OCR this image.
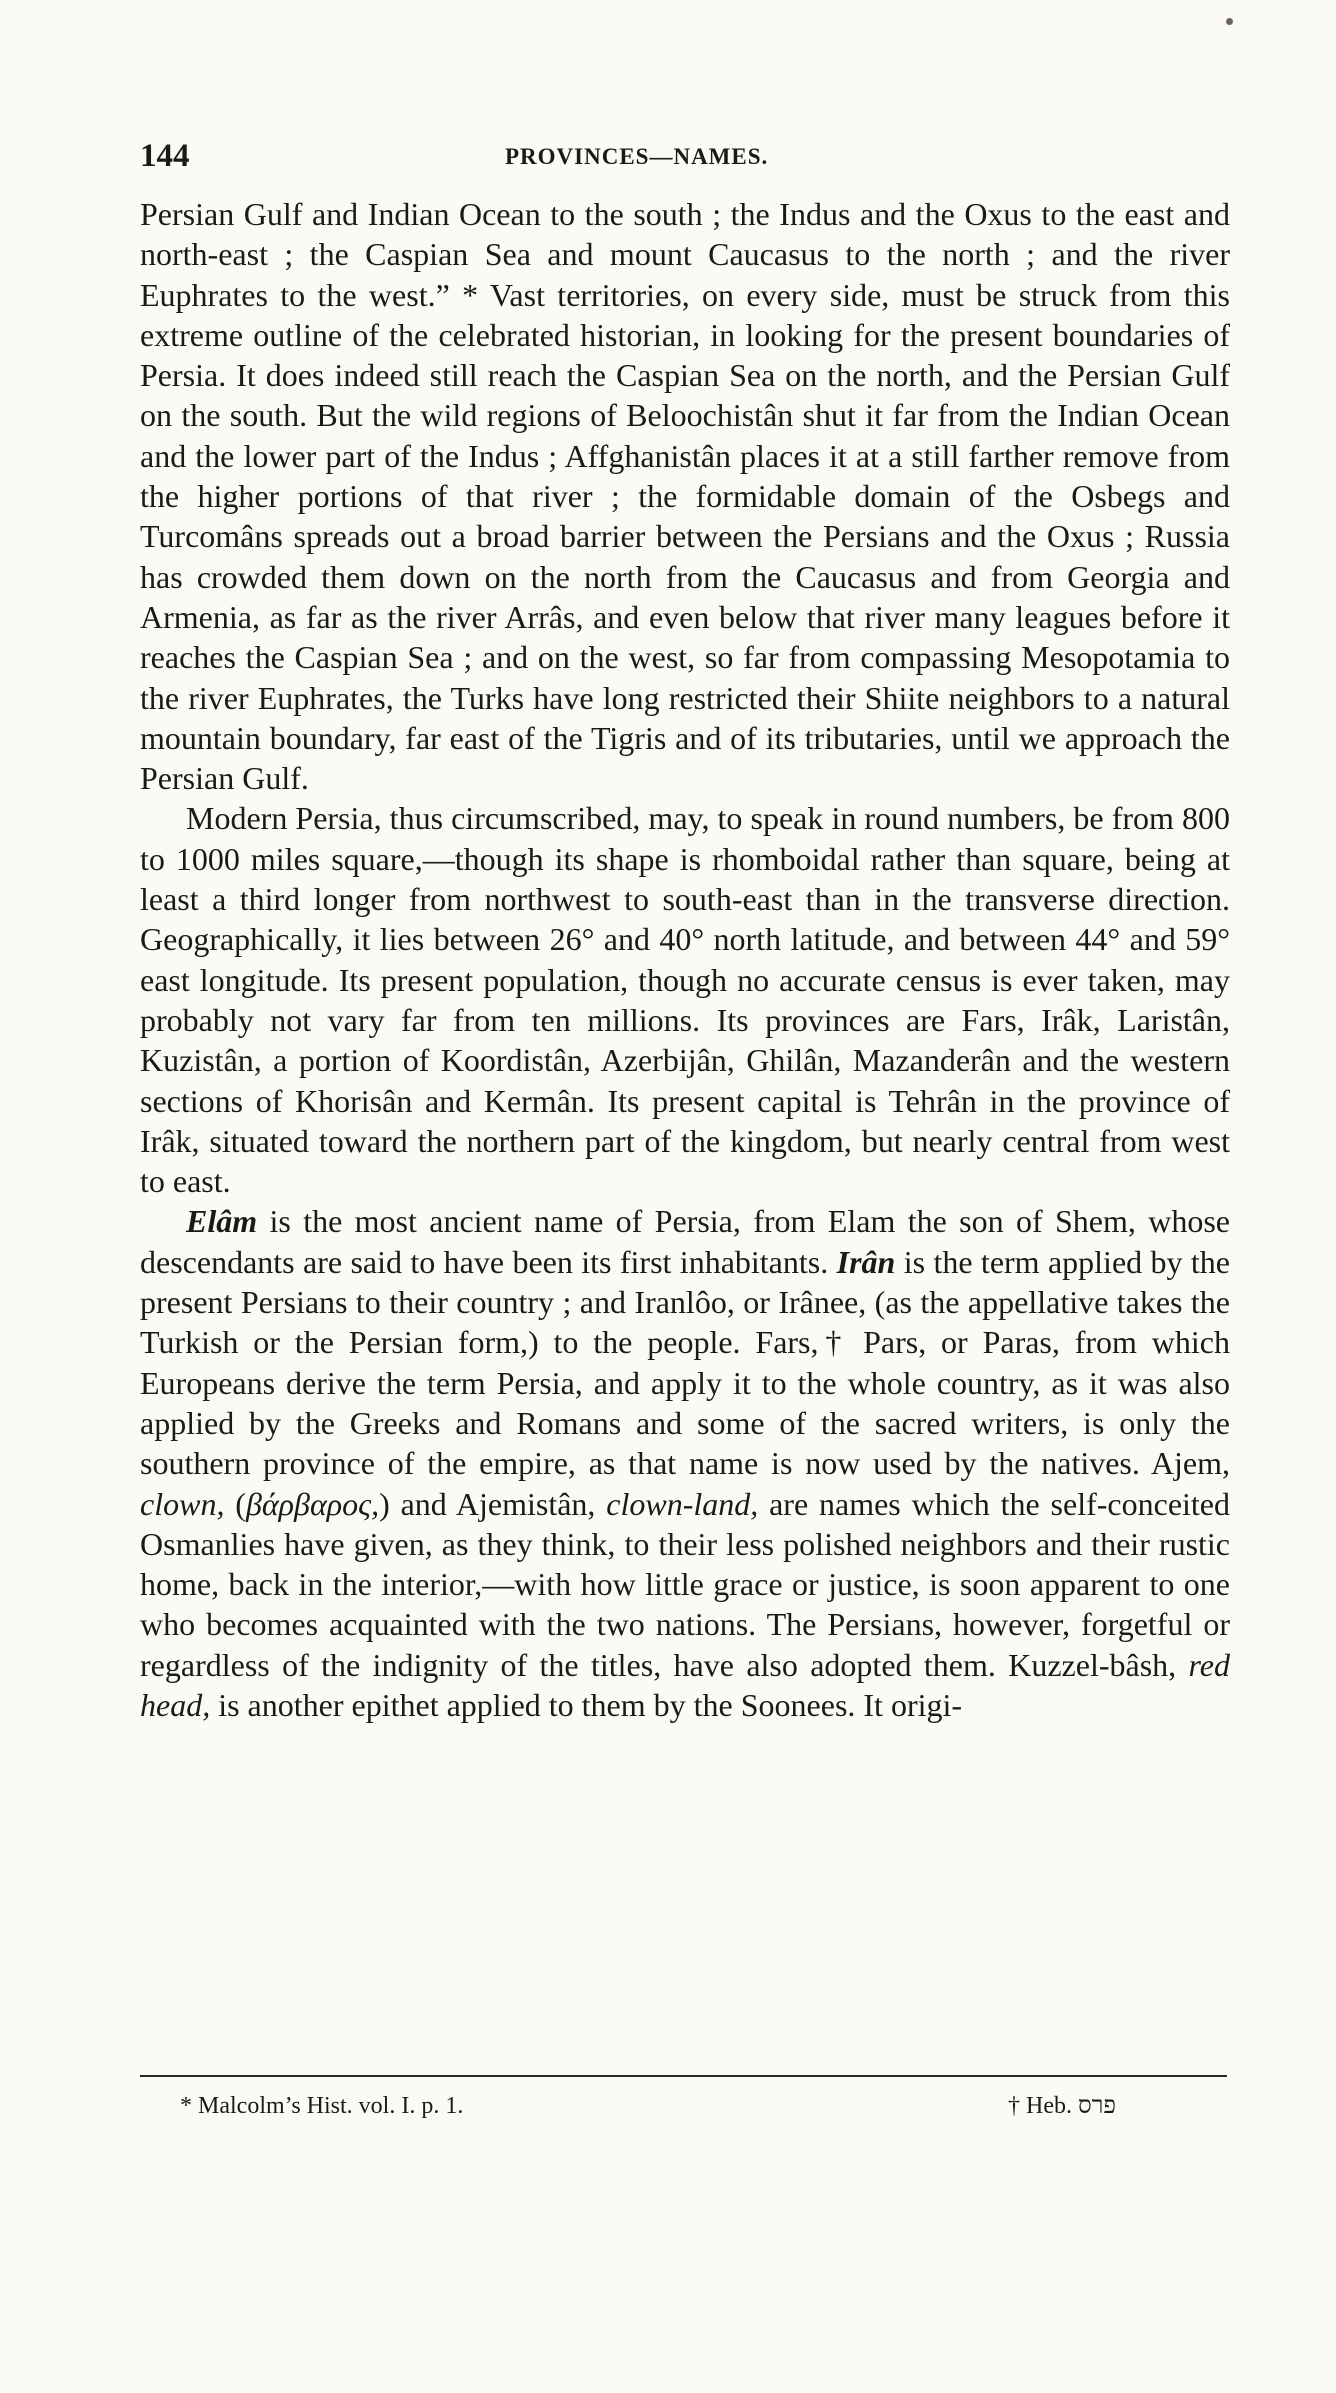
144	PROVINCES—NAMES.

Persian Gulf and Indian Ocean to the south ; the Indus and the Oxus to the east and north-east ; the Caspian Sea and mount Caucasus to the north ; and the river Euphrates to the west.” * Vast territories, on every side, must be struck from this extreme outline of the celebrated historian, in looking for the present boundaries of Persia. It does indeed still reach the Caspian Sea on the north, and the Persian Gulf on the south. But the wild regions of Beloochistân shut it far from the Indian Ocean and the lower part of the Indus ; Affghanistân places it at a still farther remove from the higher portions of that river ; the formidable domain of the Osbegs and Turcomâns spreads out a broad barrier between the Persians and the Oxus ; Russia has crowded them down on the north from the Caucasus and from Georgia and Armenia, as far as the river Arrâs, and even below that river many leagues before it reaches the Caspian Sea ; and on the west, so far from compassing Mesopotamia to the river Euphrates, the Turks have long restricted their Shiite neighbors to a natural mountain boundary, far east of the Tigris and of its tributaries, until we approach the Persian Gulf.

Modern Persia, thus circumscribed, may, to speak in round numbers, be from 800 to 1000 miles square,—though its shape is rhomboidal rather than square, being at least a third longer from northwest to south-east than in the transverse direction. Geographically, it lies between 26° and 40° north latitude, and between 44° and 59° east longitude. Its present population, though no accurate census is ever taken, may probably not vary far from ten millions. Its provinces are Fars, Irâk, Laristân, Kuzistân, a portion of Koordistân, Azerbijân, Ghilân, Mazanderân and the western sections of Khorisân and Kermân. Its present capital is Tehrân in the province of Irâk, situated toward the northern part of the kingdom, but nearly central from west to east.

Elâm is the most ancient name of Persia, from Elam the son of Shem, whose descendants are said to have been its first inhabitants. Irân is the term applied by the present Persians to their country ; and Iranlôo, or Irânee, (as the appellative takes the Turkish or the Persian form,) to the people. Fars,† Pars, or Paras, from which Europeans derive the term Persia, and apply it to the whole country, as it was also applied by the Greeks and Romans and some of the sacred writers, is only the southern province of the empire, as that name is now used by the natives. Ajem, clown, (βάρβαρος,) and Ajemistân, clown-land, are names which the self-conceited Osmanlies have given, as they think, to their less polished neighbors and their rustic home, back in the interior,—with how little grace or justice, is soon apparent to one who becomes acquainted with the two nations. The Persians, however, forgetful or regardless of the indignity of the titles, have also adopted them. Kuzzel-bâsh, red head, is another epithet applied to them by the Soonees. It origi-

* Malcolm’s Hist. vol. I. p. 1.	† Heb. פרס
